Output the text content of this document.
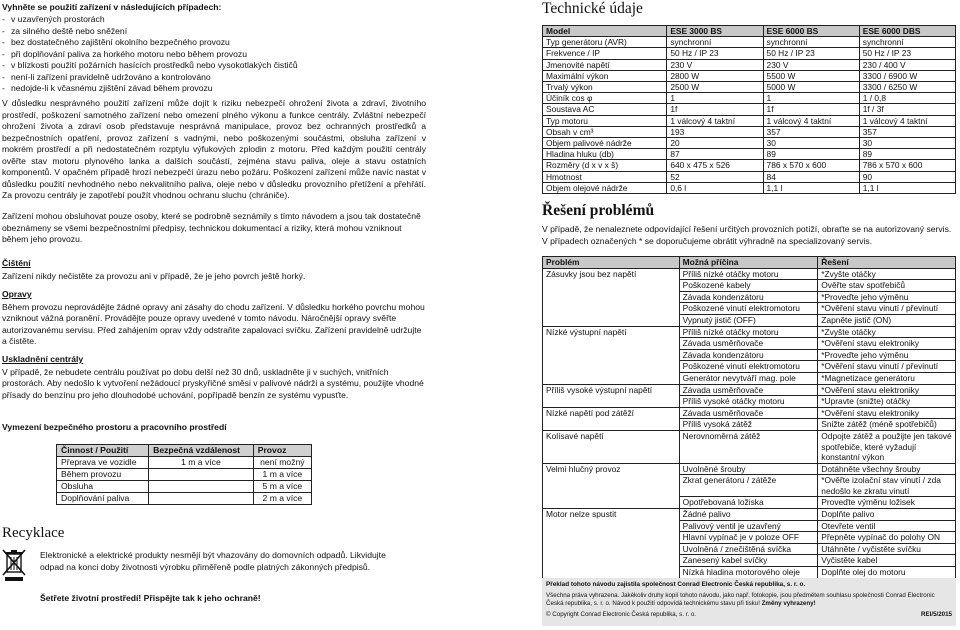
Vyhněte se použití zařízení v následujících případech:
- v uzavřených prostorách
- za silného deště nebo sněžení
- bez dostatečného zajištění okolního bezpečného provozu
- při doplňování paliva za horkého motoru nebo během provozu
- v blízkosti použití požárních hasících prostředků nebo vysokotlakých čističů
- není-li zařízení pravidelně udržováno a kontrolováno
- nedojde-li k včasnému zjištění závad během provozu
V důsledku nesprávného použití zařízení může dojít k riziku nebezpečí ohrožení života a zdraví, životního prostředí, poškození samotného zařízení nebo omezení plného výkonu a funkce centrály. Zvláštní nebezpečí ohrožení života a zdraví osob představuje nesprávná manipulace, provoz bez ochranných prostředků a bezpečnostních opatření, provoz zařízení s vadnými, nebo poškozenými součástmi, obsluha zařízení v mokrém prostředí a při nedostatečném rozptylu výfukových zplodin z motoru. Před každým použití centrály ověřte stav motoru plynového lanka a dalších součástí, zejména stavu paliva, oleje a stavu ostatních komponentů. V opačném případě hrozí nebezpečí úrazu nebo požáru. Poškození zařízení může navíc nastat v důsledku použití nevhodného nebo nekvalitního paliva, oleje nebo v důsledku provozního přetížení a přehřátí. Za provozu centrály je zapotřebí použít vhodnou ochranu sluchu (chrániče).
Zařízení mohou obsluhovat pouze osoby, které se podrobně seznámily s tímto návodem a jsou tak dostatečně obeznámeny se všemi bezpečnostními předpisy, technickou dokumentací a riziky, která mohou vzniknout během jeho provozu.
Čištění
Zařízení nikdy nečistěte za provozu ani v případě, že je jeho povrch ještě horký.
Opravy
Během provozu neprovádějte žádné opravy ani zásahy do chodu zařízení. V důsledku horkého povrchu mohou vzniknout vážná poranění. Provádějte pouze opravy uvedené v tomto návodu. Náročnější opravy svěřte autorizovanému servisu. Před zahájením oprav vždy odstraňte zapalovací svíčku. Zařízení pravidelně udržujte a čistěte.
Uskladnění centrály
V případě, že nebudete centrálu používat po dobu delší než 30 dnů, uskladněte ji v suchých, vnitřních prostorách. Aby nedošlo k vytvoření nežádoucí pryskyřičné směsi v palivové nádrži a systému, použijte vhodné přísady do benzínu pro jeho dlouhodobé uchování, popřípadě benzín ze systému vypusťte.
Vymezení bezpečného prostoru a pracovního prostředí
Činnost / Použití	Bezpečná vzdálenost	Provoz
Přeprava ve vozidle	1 m a více	není možný
Během provozu		1 m a více
Obsluha		5 m a více
Doplňování paliva		2 m a více
Recyklace
Elektronické a elektrické produkty nesmějí být vhazovány do domovních odpadů. Likvidujte odpad na konci doby životnosti výrobku přiměřeně podle platných zákonných předpisů.
Šetřete životní prostředí! Přispějte tak k jeho ochraně!
Technické údaje
Model	ESE 3000 BS	ESE 6000 BS	ESE 6000 DBS
Typ generátoru (AVR)	synchronní	synchronní	synchronní
Frekvence / IP	50 Hz / IP 23	50 Hz / IP 23	50 Hz / IP 23
Jmenovité napětí	230 V	230 V	230 / 400 V
Maximální výkon	2800 W	5500 W	3300 / 6900 W
Trvalý výkon	2500 W	5000 W	3300 / 6250 W
Účiník cos φ	1	1	1 / 0,8
Soustava AC	1f	1f	1f / 3f
Typ motoru	1 válcový 4 taktní	1 válcový 4 taktní	1 válcový 4 taktní
Obsah v cm³	193	357	357
Objem palivové nádrže	20	30	30
Hladina hluku (db)	87	89	89
Rozměry (d x v x š)	640 x 475 x 526	786 x 570 x 600	786 x 570 x 600
Hmotnost	52	84	90
Objem olejové nádrže	0,6 l	1,1 l	1,1 l
Řešení problémů
V případě, že nenaleznete odpovídající řešení určitých provozních potíží, obraťte se na autorizovaný servis. V případech označených * se doporučujeme obrátit výhradně na specializovaný servis.
Problém	Možná příčina	Řešení
Zásuvky jsou bez napětí	Příliš nízké otáčky motoru	*Zvyšte otáčky
	Poškozené kabely	Ověřte stav spotřebičů
	Závada kondenzátoru	*Proveďte jeho výměnu
	Poškozené vinutí elektromotoru	*Ověření stavu vinutí / převinutí
	Vypnutý jistič (OFF)	Zapněte jistič (ON)
Nízké výstupní napětí	Příliš nízké otáčky motoru	*Zvyšte otáčky
	Závada usměrňovače	*Ověření stavu elektroniky
	Závada kondenzátoru	*Proveďte jeho výměnu
	Poškozené vinutí elektromotoru	*Ověření stavu vinutí / převinutí
	Generátor nevytváří mag. pole	*Magnetizace generátoru
Příliš vysoké výstupní napětí	Závada usměrňovače	*Ověření stavu elektroniky
	Příliš vysoké otáčky motoru	*Upravte (snižte) otáčky
Nízké napětí pod zátěží	Závada usměrňovače	*Ověření stavu elektroniky
	Příliš vysoká zátěž	Snižte zátěž (méně spotřebičů)
Kolísavé napětí	Nerovnoměrná zátěž	Odpojte zátěž a použijte jen takové spotřebiče, které vyžadují konstantní výkon
Velmi hlučný provoz	Uvolněné šrouby	Dotáhněte všechny šrouby
	Zkrat generátoru / zátěže	*Ověřte izolační stav vinutí / zda nedošlo ke zkratu vinutí
	Opotřebovaná ložiska	Proveďte výměnu ložisek
Motor nelze spustit	Žádné palivo	Doplňte palivo
	Palivový ventil je uzavřený	Otevřete ventil
	Hlavní vypínač je v poloze OFF	Přepněte vypínač do polohy ON
	Uvolněná / znečištěná svíčka	Utáhněte / vyčistěte svíčku
	Zanesený kabel svíčky	Vyčistěte kabel
	Nízká hladina motorového oleje	Doplňte olej do motoru
Překlad tohoto návodu zajistila společnost Conrad Electronic Česká republika, s. r. o.
Všechna práva vyhrazena. Jakékoliv druhy kopií tohoto návodu, jako např. fotokopie, jsou předmětem souhlasu společnosti Conrad Electronic Česká republika, s. r. o. Návod k použití odpovídá technickému stavu při tisku! Změny vyhrazeny!
© Copyright Conrad Electronic Česká republika, s. r. o.	REI/5/2015
